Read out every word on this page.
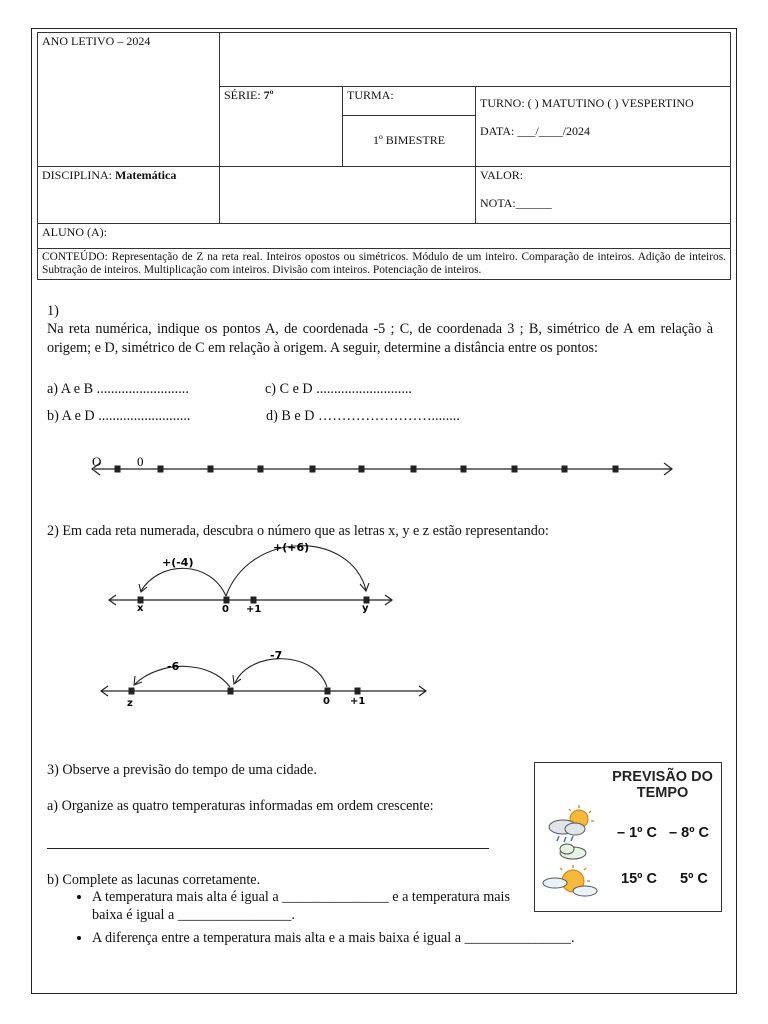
ANO LETIVO – 2024			
	SÉRIE: 7º	TURMA:	TURNO: ( ) MATUTINO ( ) VESPERTINO
DATA: ___/____/2024

		1º BIMESTRE	
DISCIPLINA: Matemática			VALOR:
NOTA:______

ALUNO (A):			
CONTEÚDO: Representação de Z na reta real. Inteiros opostos ou simétricos. Módulo de um inteiro. Comparação de inteiros. Adição de inteiros. Subtração de inteiros. Multiplicação com inteiros. Divisão com inteiros. Potenciação de inteiros.			
1) Na reta numérica, indique os pontos A, de coordenada -5 ; C, de coordenada 3 ; B, simétrico de A em relação à origem; e D, simétrico de C em relação à origem. A seguir, determine a distância entre os pontos:
a) A e B ..........................	c) C e D ...........................
b) A e D ..........................	d) B e D ……………………........
O	0
+(-4)
+(+6)
x	0 +1	y
-6
-7
z	0 +1
2) Em cada reta numerada, descubra o número que as letras x, y e z estão representando:
3) Observe a previsão do tempo de uma cidade.
a) Organize as quatro temperaturas informadas em ordem crescente:
b) Complete as lacunas corretamente.
• A temperatura mais alta é igual a _______________ e a temperatura mais baixa é igual a ________________.
• A diferença entre a temperatura mais alta e a mais baixa é igual a _______________.
PREVISÃO DO TEMPO
– 1º C   – 8º C
15º C 5º C
